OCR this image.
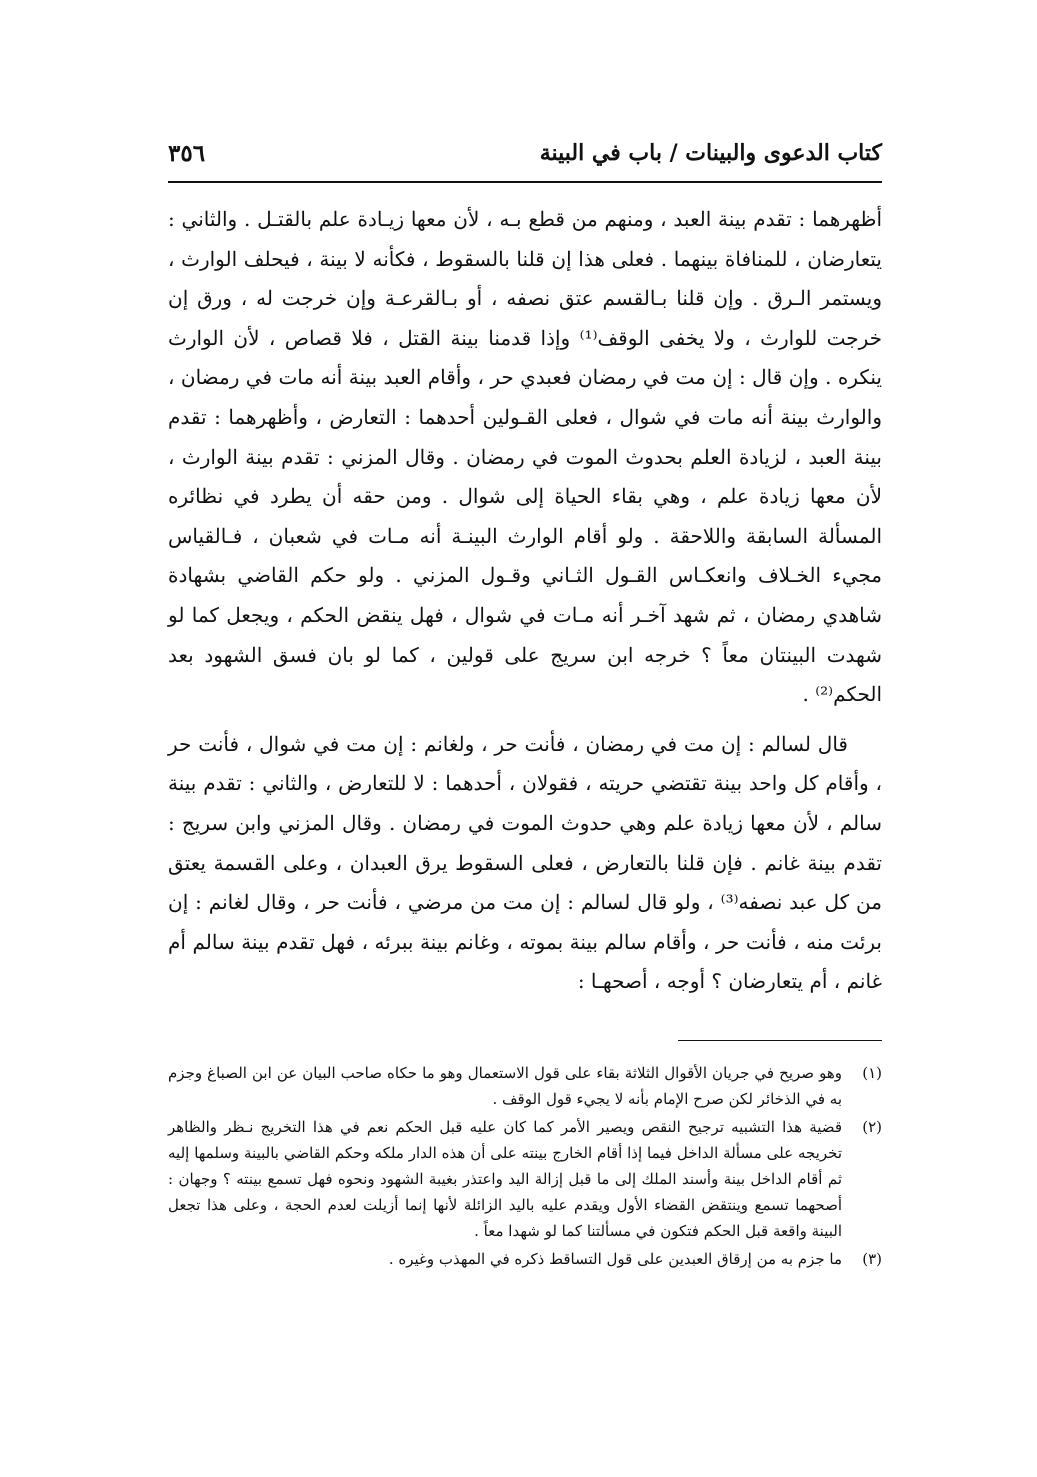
كتاب الدعوى والبينات / باب في البينة
٣٥٦

أظهرهما : تقدم بينة العبد ، ومنهم من قطع بـه ، لأن معها زيـادة علم بالقتـل . والثاني : يتعارضان ، للمنافاة بينهما . فعلى هذا إن قلنا بالسقوط ، فكأنه لا بينة ، فيحلف الوارث ، ويستمر الـرق . وإن قلنا بـالقسم عتق نصفه ، أو بـالقرعـة وإن خرجت له ، ورق إن خرجت للوارث ، ولا يخفى الوقف⁽¹⁾ وإذا قدمنا بينة القتل ، فلا قصاص ، لأن الوارث ينكره . وإن قال : إن مت في رمضان فعبدي حر ، وأقام العبد بينة أنه مات في رمضان ، والوارث بينة أنه مات في شوال ، فعلى القـولين أحدهما : التعارض ، وأظهرهما : تقدم بينة العبد ، لزيادة العلم بحدوث الموت في رمضان . وقال المزني : تقدم بينة الوارث ، لأن معها زيادة علم ، وهي بقاء الحياة إلى شوال . ومن حقه أن يطرد في نظائره المسألة السابقة واللاحقة . ولو أقام الوارث البينـة أنه مـات في شعبان ، فـالقياس مجيء الخـلاف وانعكـاس القـول الثـاني وقـول المزني . ولو حكم القاضي بشهادة شاهدي رمضان ، ثم شهد آخـر أنه مـات في شوال ، فهل ينقض الحكم ، ويجعل كما لو شهدت البينتان معاً ؟ خرجه ابن سريج على قولين ، كما لو بان فسق الشهود بعد الحكم⁽²⁾ .

قال لسالم : إن مت في رمضان ، فأنت حر ، ولغانم : إن مت في شوال ، فأنت حر ، وأقام كل واحد بينة تقتضي حريته ، فقولان ، أحدهما : لا للتعارض ، والثاني : تقدم بينة سالم ، لأن معها زيادة علم وهي حدوث الموت في رمضان . وقال المزني وابن سريج : تقدم بينة غانم . فإن قلنا بالتعارض ، فعلى السقوط يرق العبدان ، وعلى القسمة يعتق من كل عبد نصفه⁽³⁾ ، ولو قال لسالم : إن مت من مرضي ، فأنت حر ، وقال لغانم : إن برئت منه ، فأنت حر ، وأقام سالم بينة بموته ، وغانم بينة ببرئه ، فهل تقدم بينة سالم أم غانم ، أم يتعارضان ؟ أوجه ، أصحهـا :

(١)
وهو صريح في جريان الأقوال الثلاثة بقاء على قول الاستعمال وهو ما حكاه صاحب البيان عن ابن الصباغ وجزم به في الذخائر لكن صرح الإمام بأنه لا يجيء قول الوقف .
(٢)
قضية هذا التشبيه ترجيح النقص ويصير الأمر كما كان عليه قبل الحكم نعم في هذا التخريج نـظر والظاهر تخريجه على مسألة الداخل فيما إذا أقام الخارج بينته على أن هذه الدار ملكه وحكم القاضي بالبينة وسلمها إليه ثم أقام الداخل بينة وأسند الملك إلى ما قبل إزالة اليد واعتذر بغيبة الشهود ونحوه فهل تسمع بينته ؟ وجهان : أصحهما تسمع وينتقض القضاء الأول ويقدم عليه باليد الزائلة لأنها إنما أزيلت لعدم الحجة ، وعلى هذا تجعل البينة واقعة قبل الحكم فتكون في مسألتنا كما لو شهدا معاً .
(٣)
ما جزم به من إرقاق العبدين على قول التساقط ذكره في المهذب وغيره .
